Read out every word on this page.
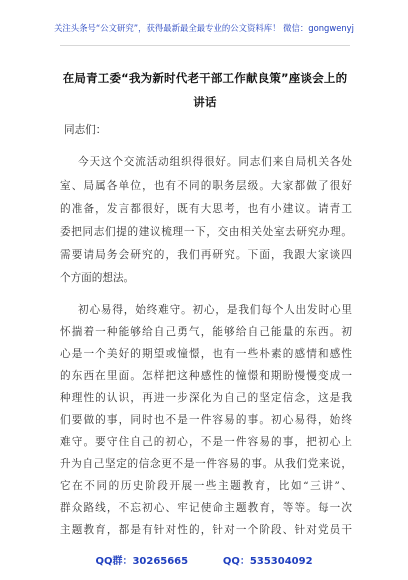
关注头条号“公文研究”，获得最新最全最专业的公文资料库！ 微信：gongwenyj
在局青工委“我为新时代老干部工作献良策”座谈会上的
讲话
同志们：
今天这个交流活动组织得很好。同志们来自局机关各处
室、局属各单位，也有不同的职务层级。大家都做了很好
的准备，发言都很好，既有大思考，也有小建议。请青工
委把同志们提的建议梳理一下，交由相关处室去研究办理。
需要请局务会研究的，我们再研究。下面，我跟大家谈四
个方面的想法。
初心易得，始终难守。初心，是我们每个人出发时心里
怀揣着一种能够给自己勇气，能够给自己能量的东西。初
心是一个美好的期望或憧憬，也有一些朴素的感情和感性
的东西在里面。怎样把这种感性的憧憬和期盼慢慢变成一
种理性的认识，再进一步深化为自己的坚定信念，这是我
们要做的事，同时也不是一件容易的事。初心易得，始终
难守。要守住自己的初心，不是一件容易的事，把初心上
升为自己坚定的信念更不是一件容易的事。从我们党来说，
它在不同的历史阶段开展一些主题教育，比如“三讲”、
群众路线，不忘初心、牢记使命主题教育，等等。每一次
QQ群：30265665          QQ：535304092
主题教育，都是有针对性的，针对一个阶段、针对党员干
